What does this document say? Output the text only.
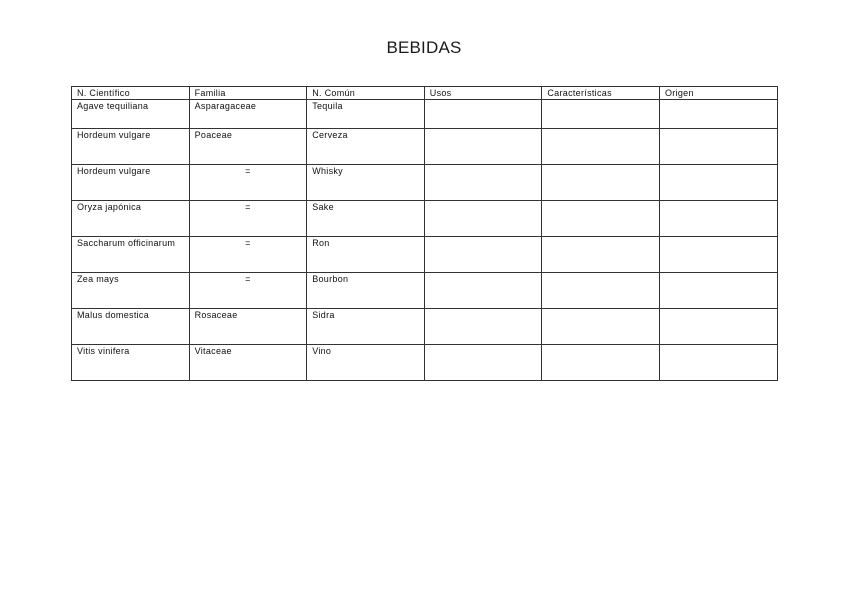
BEBIDAS
N. Científico	Familia	N. Común	Usos	Características	Origen
Agave tequiliana	Asparagaceae	Tequila			
Hordeum vulgare	Poaceae	Cerveza			
Hordeum vulgare	=	Whisky			
Oryza japónica	=	Sake			
Saccharum officinarum	=	Ron			
Zea mays	=	Bourbon			
Malus domestica	Rosaceae	Sidra			
Vitis vinifera	Vitaceae	Vino			
